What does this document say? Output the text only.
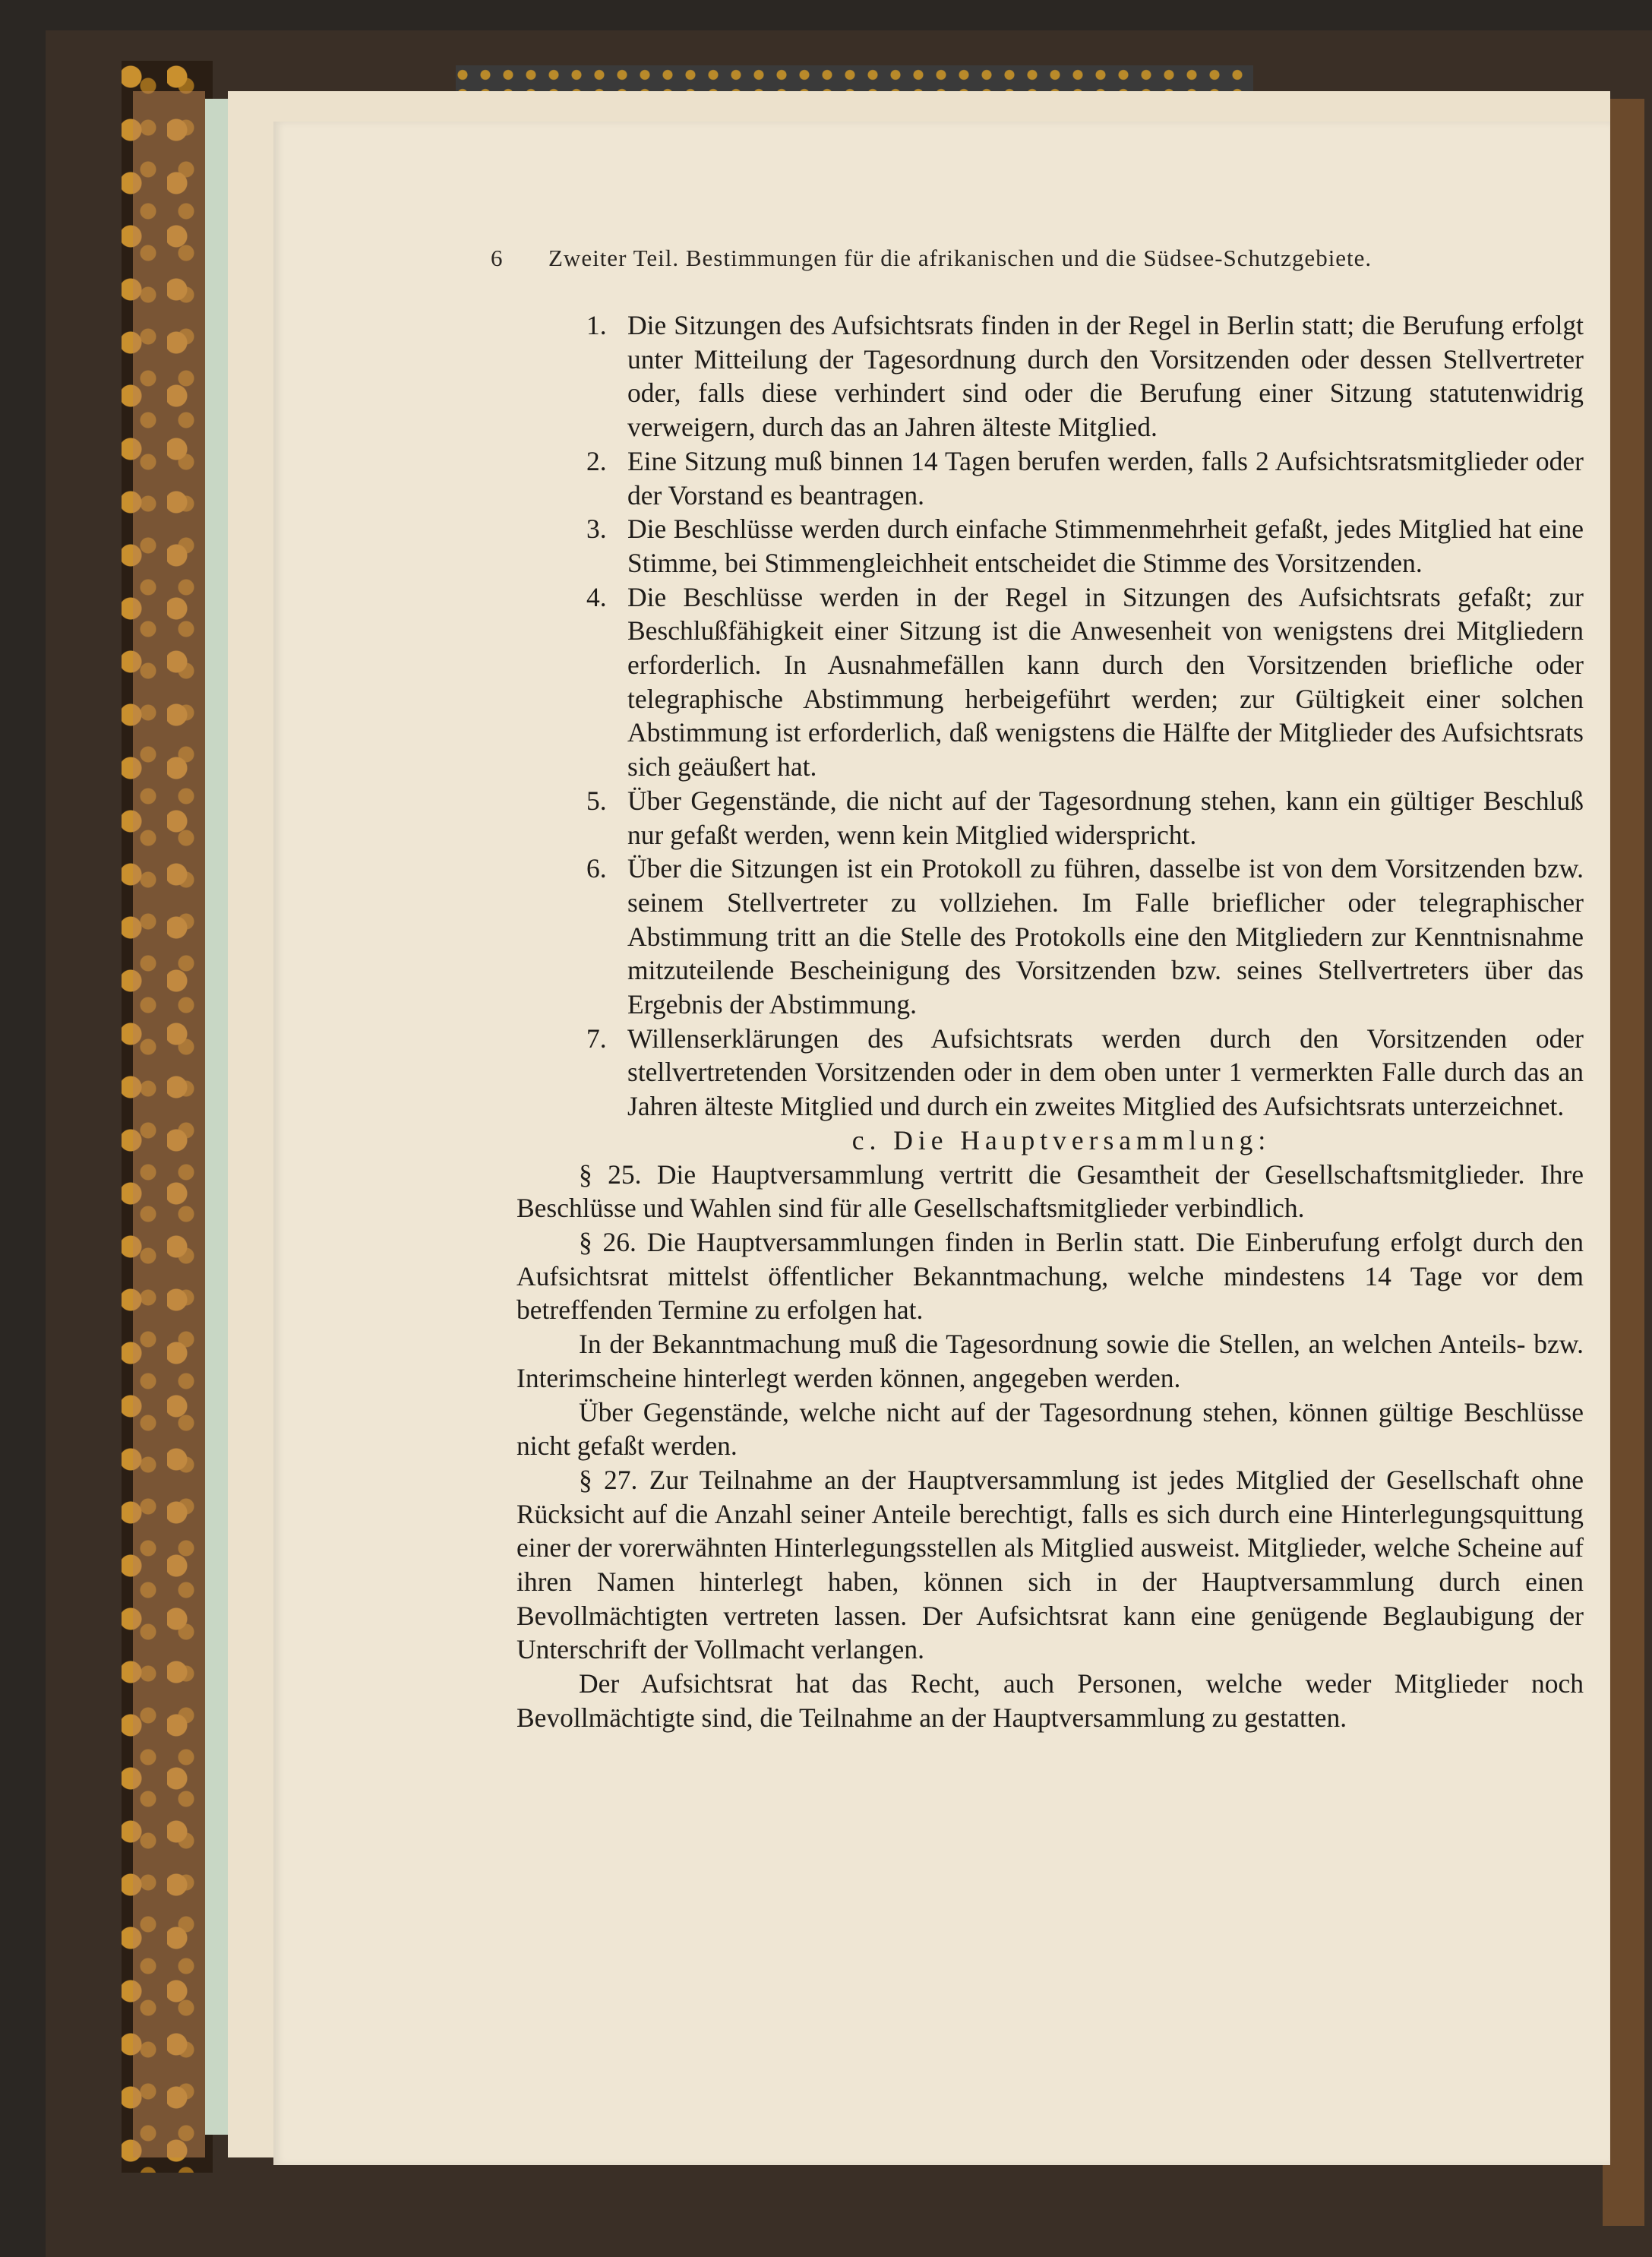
6 Zweiter Teil. Bestimmungen für die afrikanischen und die Südsee-Schutzgebiete.
1. Die Sitzungen des Aufsichtsrats finden in der Regel in Berlin statt; die Berufung erfolgt unter Mitteilung der Tagesordnung durch den Vorsitzenden oder dessen Stellvertreter oder, falls diese verhindert sind oder die Berufung einer Sitzung statutenwidrig verweigern, durch das an Jahren älteste Mitglied.
2. Eine Sitzung muß binnen 14 Tagen berufen werden, falls 2 Aufsichtsratsmitglieder oder der Vorstand es beantragen.
3. Die Beschlüsse werden durch einfache Stimmenmehrheit gefaßt, jedes Mitglied hat eine Stimme, bei Stimmengleichheit entscheidet die Stimme des Vorsitzenden.
4. Die Beschlüsse werden in der Regel in Sitzungen des Aufsichtsrats gefaßt; zur Beschlußfähigkeit einer Sitzung ist die Anwesenheit von wenigstens drei Mitgliedern erforderlich. In Ausnahmefällen kann durch den Vorsitzenden briefliche oder telegraphische Abstimmung herbeigeführt werden; zur Gültigkeit einer solchen Abstimmung ist erforderlich, daß wenigstens die Hälfte der Mitglieder des Aufsichtsrats sich geäußert hat.
5. Über Gegenstände, die nicht auf der Tagesordnung stehen, kann ein gültiger Beschluß nur gefaßt werden, wenn kein Mitglied widerspricht.
6. Über die Sitzungen ist ein Protokoll zu führen, dasselbe ist von dem Vorsitzenden bzw. seinem Stellvertreter zu vollziehen. Im Falle brieflicher oder telegraphischer Abstimmung tritt an die Stelle des Protokolls eine den Mitgliedern zur Kenntnisnahme mitzuteilende Bescheinigung des Vorsitzenden bzw. seines Stellvertreters über das Ergebnis der Abstimmung.
7. Willenserklärungen des Aufsichtsrats werden durch den Vorsitzenden oder stellvertretenden Vorsitzenden oder in dem oben unter 1 vermerkten Falle durch das an Jahren älteste Mitglied und durch ein zweites Mitglied des Aufsichtsrats unterzeichnet.
c. Die Hauptversammlung:
§ 25. Die Hauptversammlung vertritt die Gesamtheit der Gesellschaftsmitglieder. Ihre Beschlüsse und Wahlen sind für alle Gesellschaftsmitglieder verbindlich.
§ 26. Die Hauptversammlungen finden in Berlin statt. Die Einberufung erfolgt durch den Aufsichtsrat mittelst öffentlicher Bekanntmachung, welche mindestens 14 Tage vor dem betreffenden Termine zu erfolgen hat.
In der Bekanntmachung muß die Tagesordnung sowie die Stellen, an welchen Anteils- bzw. Interimscheine hinterlegt werden können, angegeben werden.
Über Gegenstände, welche nicht auf der Tagesordnung stehen, können gültige Beschlüsse nicht gefaßt werden.
§ 27. Zur Teilnahme an der Hauptversammlung ist jedes Mitglied der Gesellschaft ohne Rücksicht auf die Anzahl seiner Anteile berechtigt, falls es sich durch eine Hinterlegungsquittung einer der vorerwähnten Hinterlegungsstellen als Mitglied ausweist. Mitglieder, welche Scheine auf ihren Namen hinterlegt haben, können sich in der Hauptversammlung durch einen Bevollmächtigten vertreten lassen. Der Aufsichtsrat kann eine genügende Beglaubigung der Unterschrift der Vollmacht verlangen.
Der Aufsichtsrat hat das Recht, auch Personen, welche weder Mitglieder noch Bevollmächtigte sind, die Teilnahme an der Hauptversammlung zu gestatten.
